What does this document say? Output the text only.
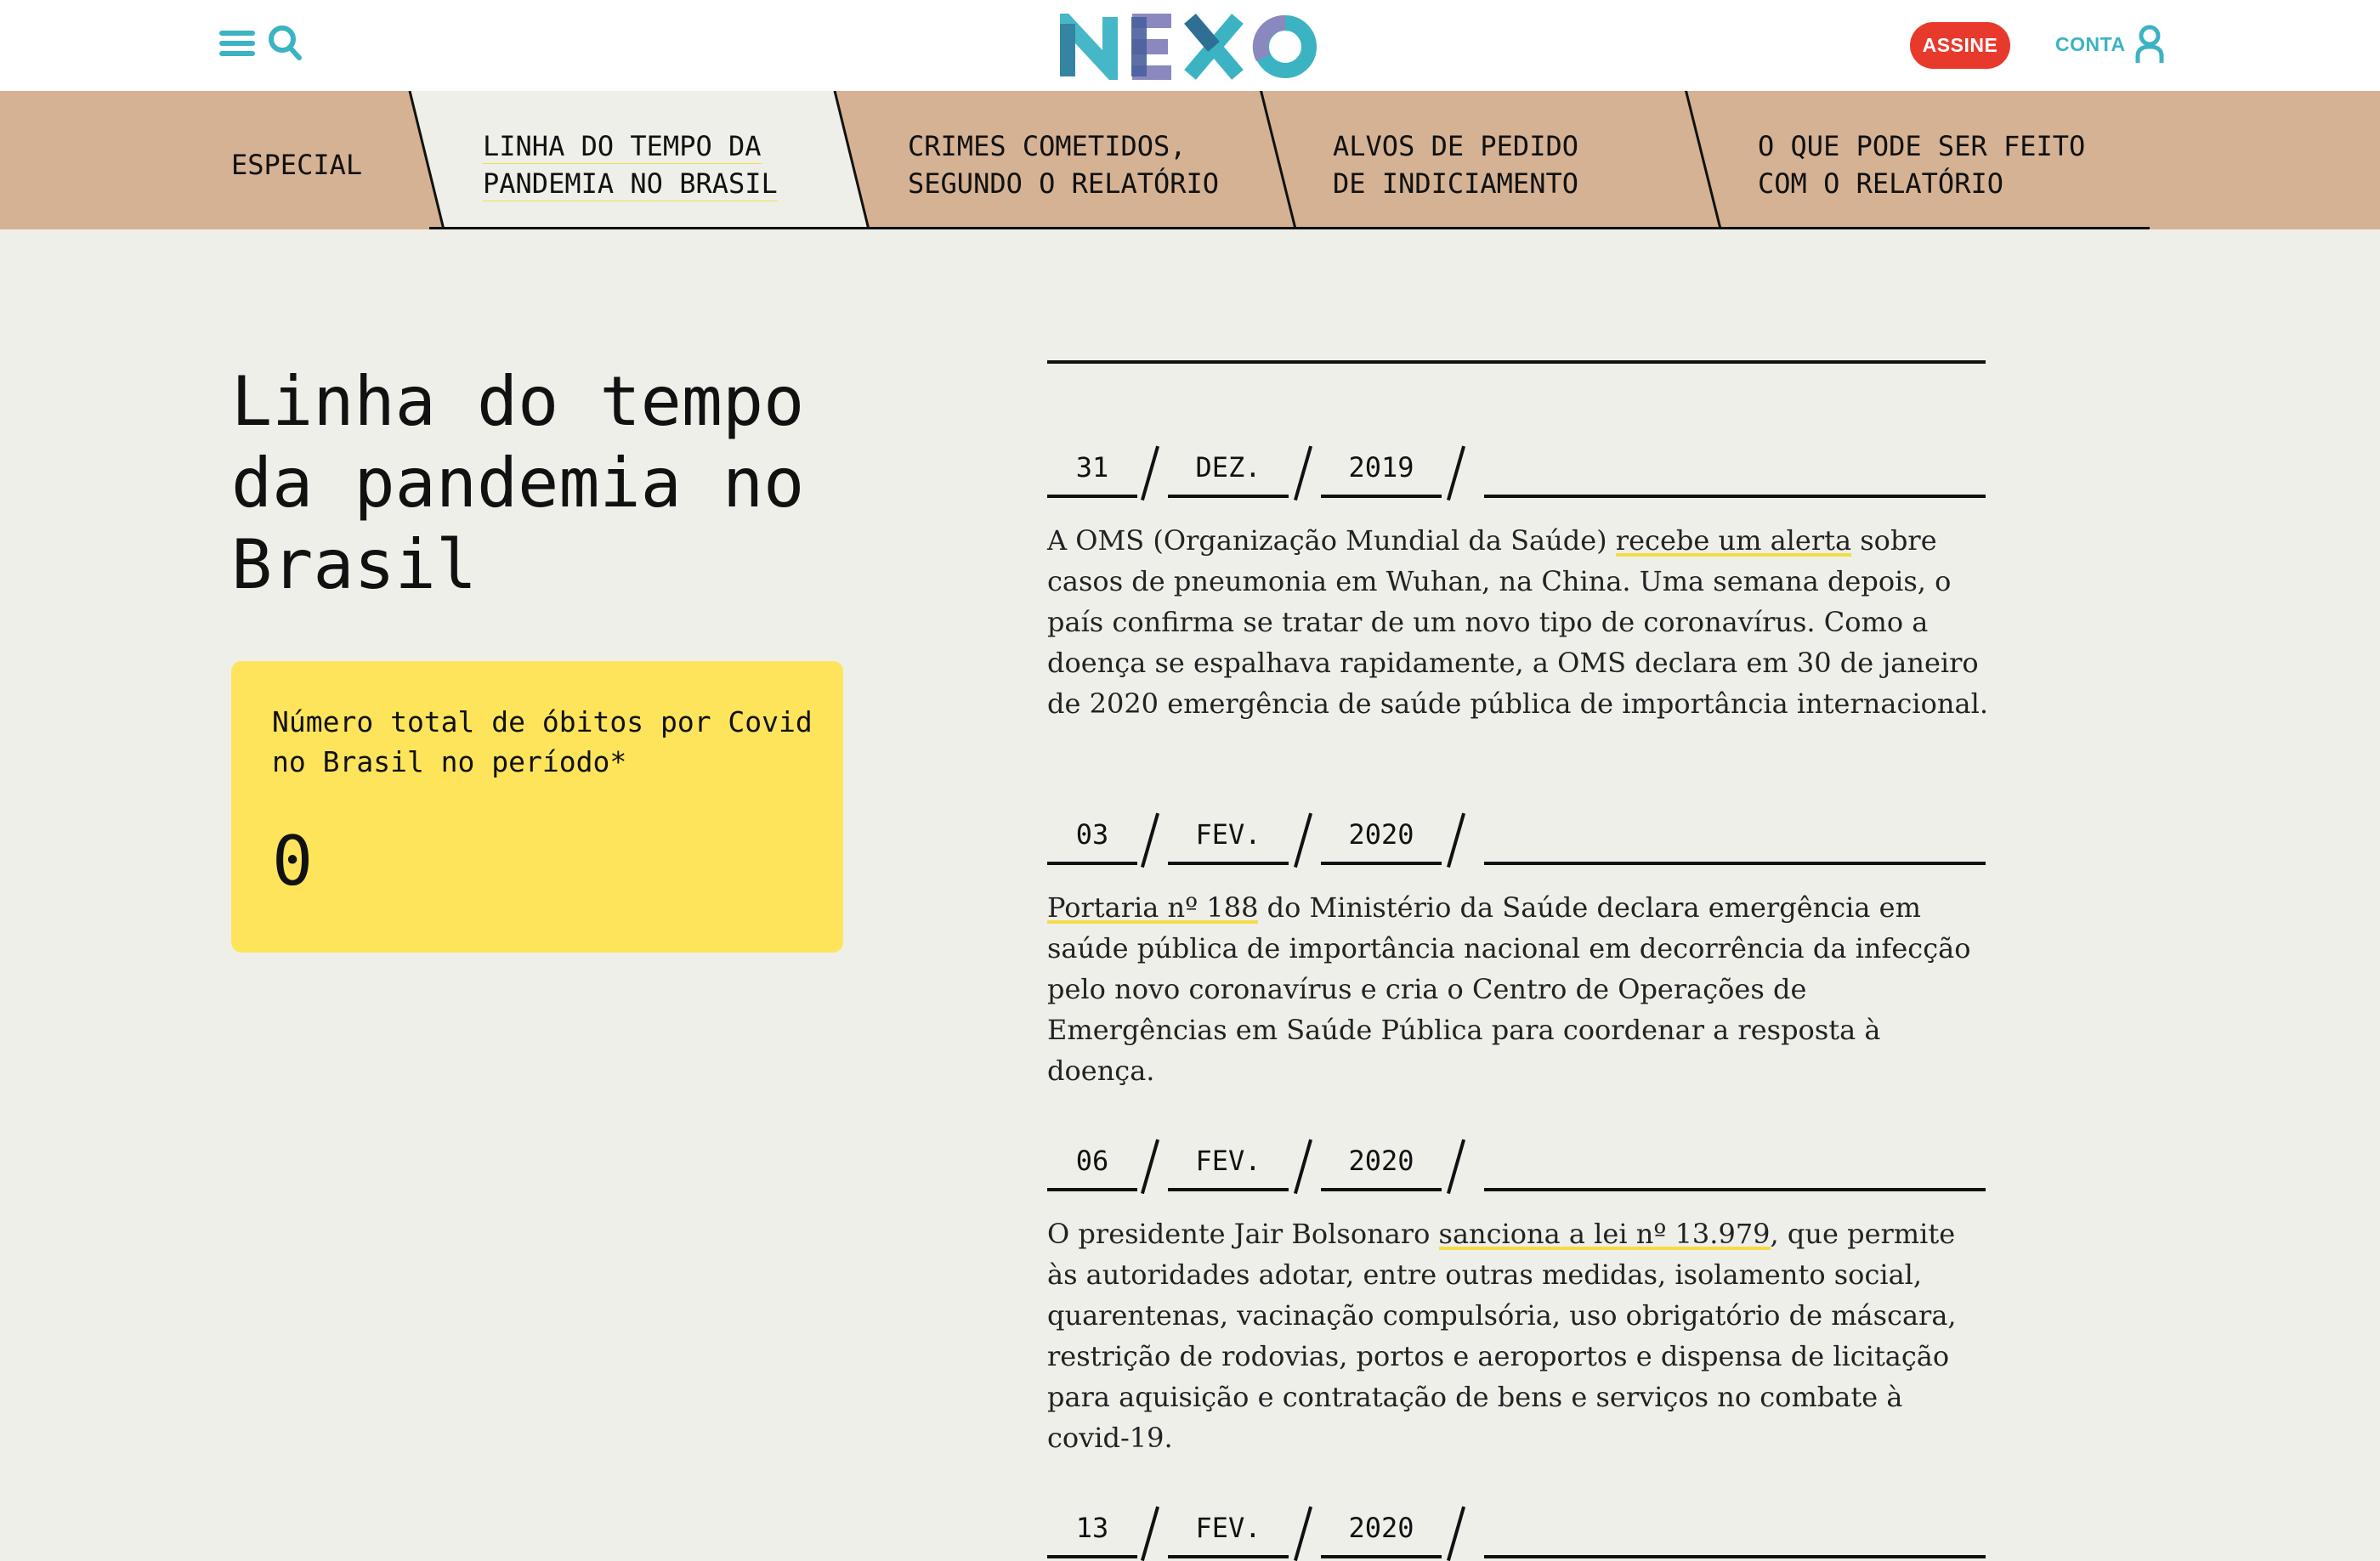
ASSINE	CONTA
ESPECIAL
LINHA DO TEMPO DA
PANDEMIA NO BRASIL
CRIMES COMETIDOS,
SEGUNDO O RELATÓRIO
ALVOS DE PEDIDO
DE INDICIAMENTO
O QUE PODE SER FEITO
COM O RELATÓRIO
Linha do tempo da pandemia no Brasil
Número total de óbitos por Covid no Brasil no período*
0
31	DEZ.	2019
A OMS (Organização Mundial da Saúde) recebe um alerta sobre casos de pneumonia em Wuhan, na China. Uma semana depois, o país confirma se tratar de um novo tipo de coronavírus. Como a doença se espalhava rapidamente, a OMS declara em 30 de janeiro de 2020 emergência de saúde pública de importância internacional.
03	FEV.	2020
Portaria nº 188 do Ministério da Saúde declara emergência em saúde pública de importância nacional em decorrência da infecção pelo novo coronavírus e cria o Centro de Operações de Emergências em Saúde Pública para coordenar a resposta à doença.
06	FEV.	2020
O presidente Jair Bolsonaro sanciona a lei nº 13.979, que permite às autoridades adotar, entre outras medidas, isolamento social, quarentenas, vacinação compulsória, uso obrigatório de máscara, restrição de rodovias, portos e aeroportos e dispensa de licitação para aquisição e contratação de bens e serviços no combate à covid-19.
13	FEV.	2020
